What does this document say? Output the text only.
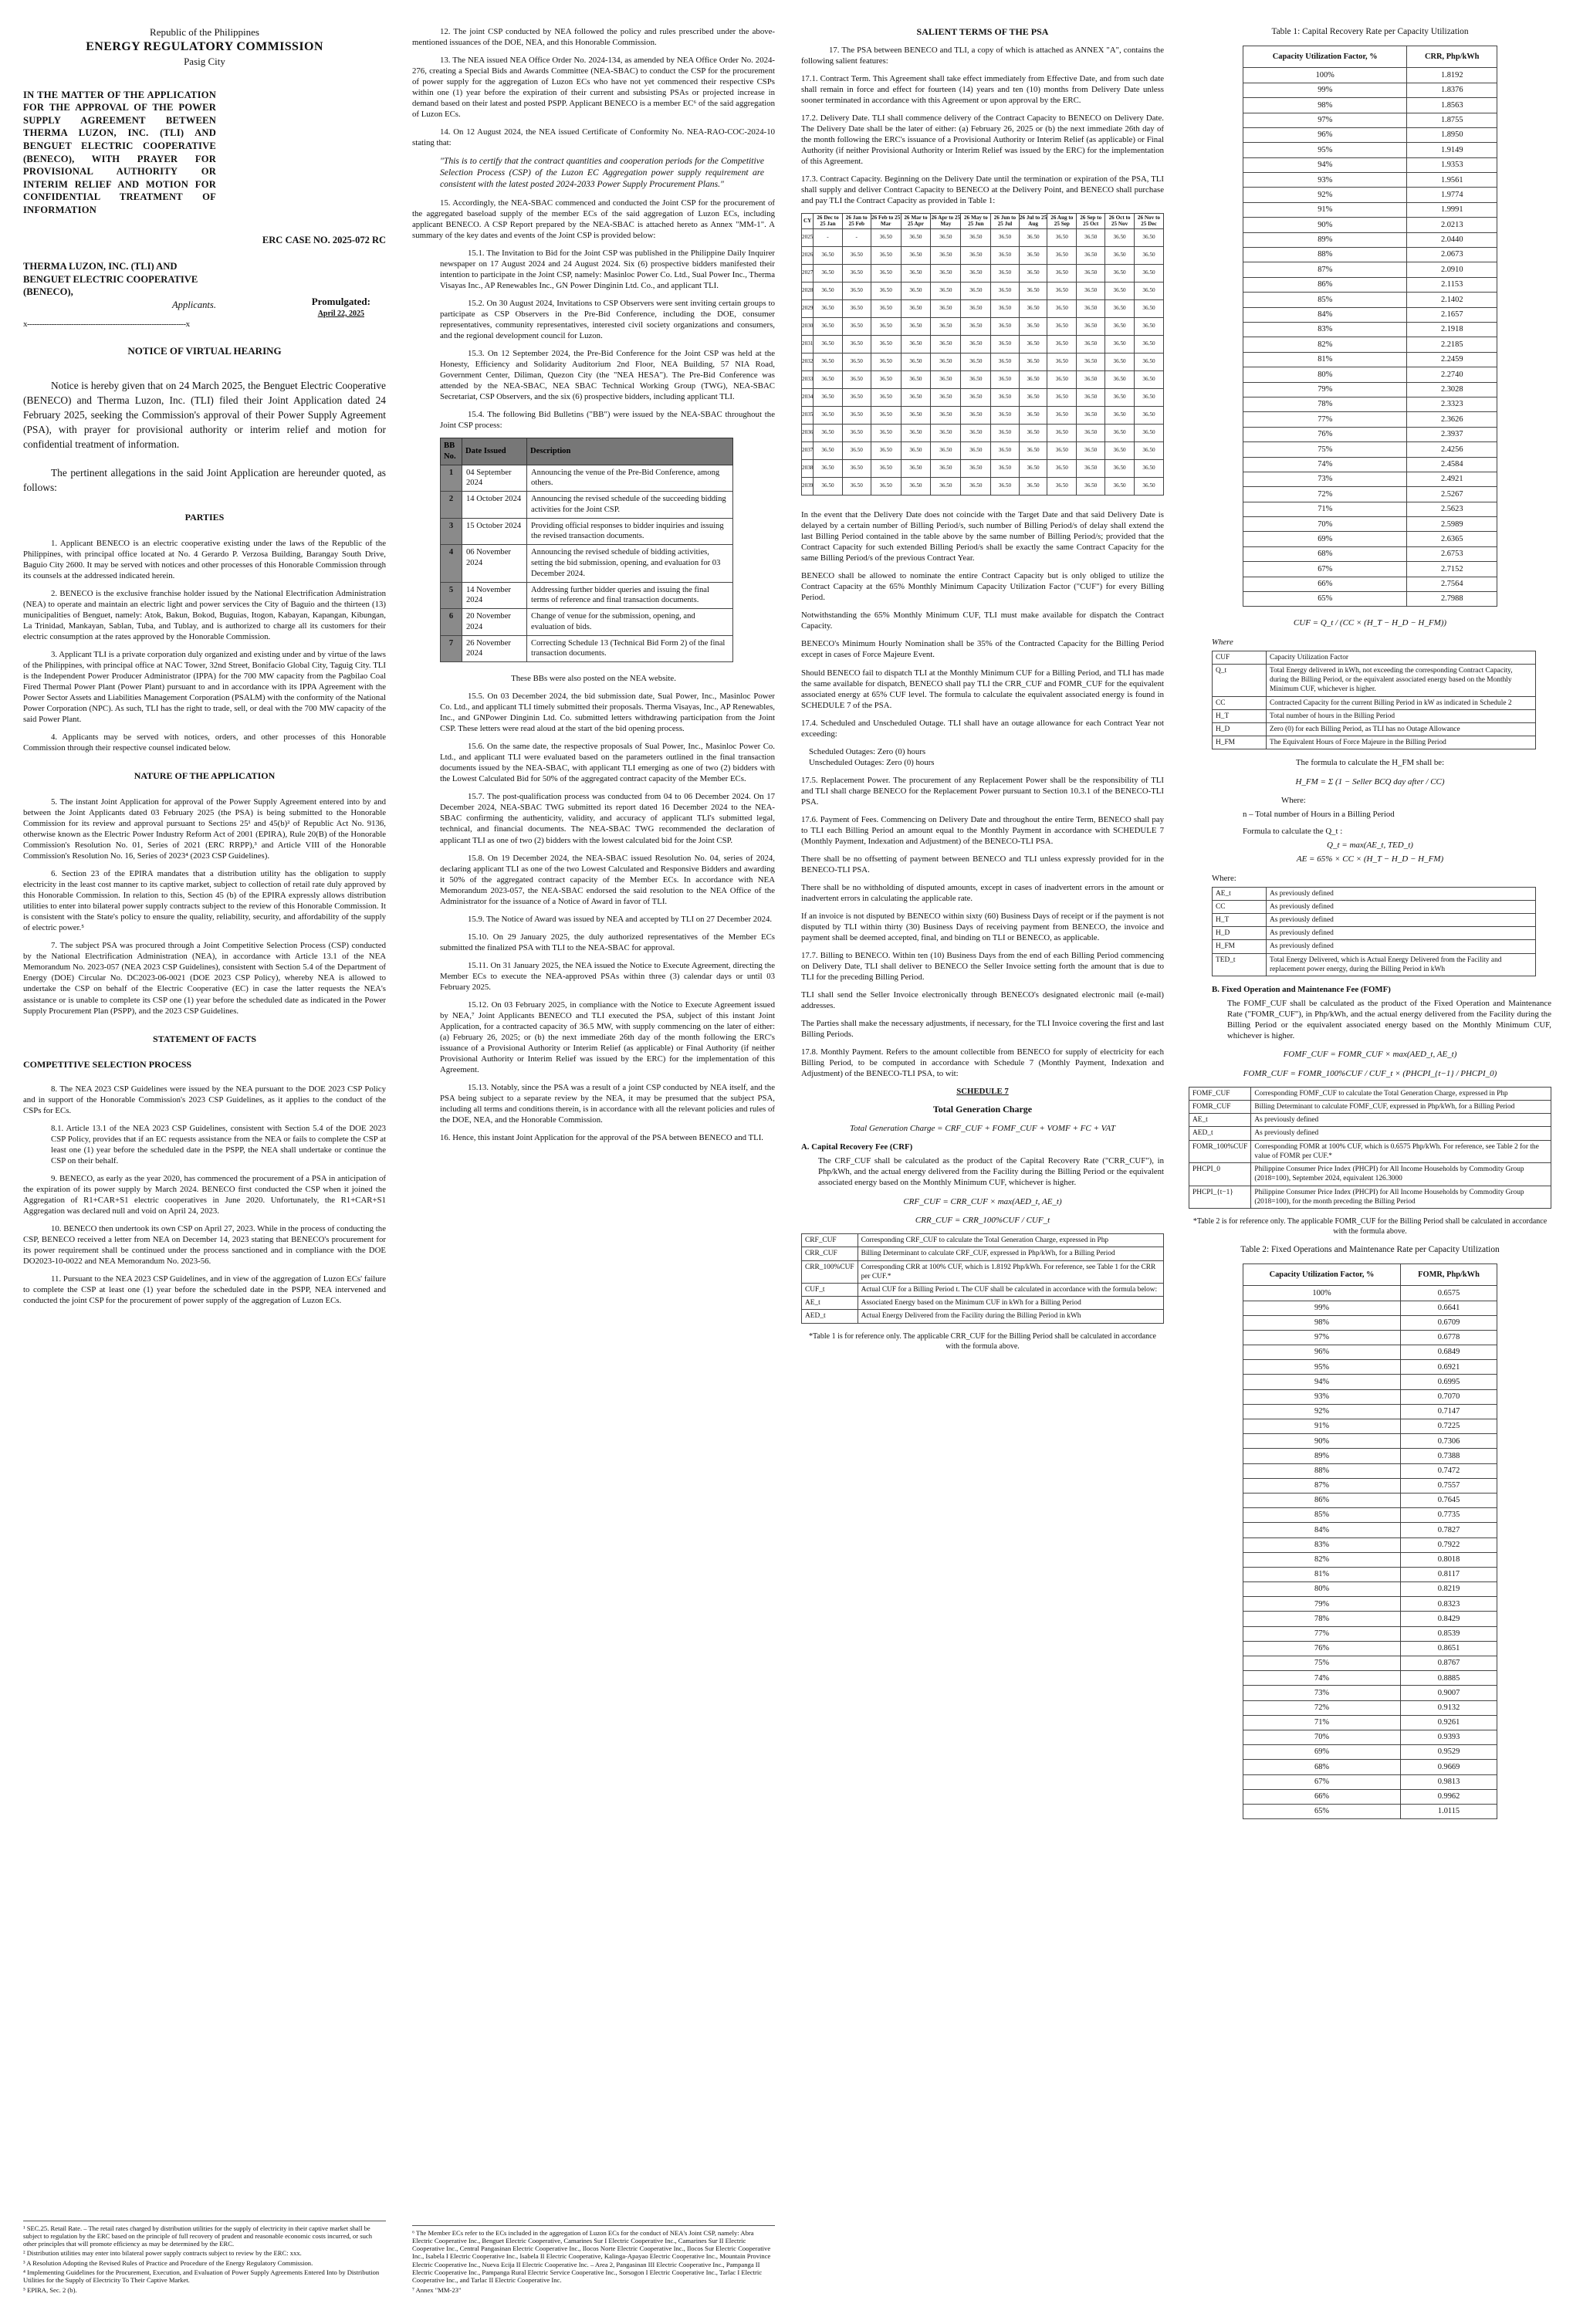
Republic of the Philippines
ENERGY REGULATORY COMMISSION
Pasig City
IN THE MATTER OF THE APPLICATION FOR THE APPROVAL OF THE POWER SUPPLY AGREEMENT BETWEEN THERMA LUZON, INC. (TLI) AND BENGUET ELECTRIC COOPERATIVE (BENECO), WITH PRAYER FOR PROVISIONAL AUTHORITY OR INTERIM RELIEF AND MOTION FOR CONFIDENTIAL TREATMENT OF INFORMATION
ERC CASE NO. 2025-072 RC
THERMA LUZON, INC. (TLI) AND BENGUET ELECTRIC COOPERATIVE (BENECO),
Applicants.	Promulgated:
April 22, 2025
x-----------------------------------------------------------------x
NOTICE OF VIRTUAL HEARING

Notice is hereby given that on 24 March 2025, the Benguet Electric Cooperative (BENECO) and Therma Luzon, Inc. (TLI) filed their Joint Application dated 24 February 2025, seeking the Commission's approval of their Power Supply Agreement (PSA), with prayer for provisional authority or interim relief and motion for confidential treatment of information.

The pertinent allegations in the said Joint Application are hereunder quoted, as follows:

PARTIES

1. Applicant BENECO is an electric cooperative existing under the laws of the Republic of the Philippines, with principal office located at No. 4 Gerardo P. Verzosa Building, Barangay South Drive, Baguio City 2600. It may be served with notices and other processes of this Honorable Commission through its counsels at the addressed indicated herein.

2. BENECO is the exclusive franchise holder issued by the National Electrification Administration (NEA) to operate and maintain an electric light and power services the City of Baguio and the thirteen (13) municipalities of Benguet, namely: Atok, Bakun, Bokod, Buguias, Itogon, Kabayan, Kapangan, Kibungan, La Trinidad, Mankayan, Sablan, Tuba, and Tublay, and is authorized to charge all its customers for their electric consumption at the rates approved by the Honorable Commission.

3. Applicant TLI is a private corporation duly organized and existing under and by virtue of the laws of the Philippines, with principal office at NAC Tower, 32nd Street, Bonifacio Global City, Taguig City. TLI is the Independent Power Producer Administrator (IPPA) for the 700 MW capacity from the Pagbilao Coal Fired Thermal Power Plant (Power Plant) pursuant to and in accordance with its IPPA Agreement with the Power Sector Assets and Liabilities Management Corporation (PSALM) with the conformity of the National Power Corporation (NPC). As such, TLI has the right to trade, sell, or deal with the 700 MW capacity of the said Power Plant.

4. Applicants may be served with notices, orders, and other processes of this Honorable Commission through their respective counsel indicated below.

NATURE OF THE APPLICATION

5. The instant Joint Application for approval of the Power Supply Agreement entered into by and between the Joint Applicants dated 03 February 2025 (the PSA) is being submitted to the Honorable Commission for its review and approval pursuant to Sections 25¹ and 45(b)² of Republic Act No. 9136, otherwise known as the Electric Power Industry Reform Act of 2001 (EPIRA), Rule 20(B) of the Honorable Commission's Resolution No. 01, Series of 2021 (ERC RRPP),³ and Article VIII of the Honorable Commission's Resolution No. 16, Series of 2023⁴ (2023 CSP Guidelines).

6. Section 23 of the EPIRA mandates that a distribution utility has the obligation to supply electricity in the least cost manner to its captive market, subject to collection of retail rate duly approved by this Honorable Commission. In relation to this, Section 45 (b) of the EPIRA expressly allows distribution utilities to enter into bilateral power supply contracts subject to the review of this Honorable Commission. It is consistent with the State's policy to ensure the quality, reliability, security, and affordability of the supply of electric power.⁵

7. The subject PSA was procured through a Joint Competitive Selection Process (CSP) conducted by the National Electrification Administration (NEA), in accordance with Article 13.1 of the NEA Memorandum No. 2023-057 (NEA 2023 CSP Guidelines), consistent with Section 5.4 of the Department of Energy (DOE) Circular No. DC2023-06-0021 (DOE 2023 CSP Policy), whereby NEA is allowed to undertake the CSP on behalf of the Electric Cooperative (EC) in case the latter requests the NEA's assistance or is unable to complete its CSP one (1) year before the scheduled date as indicated in the Power Supply Procurement Plan (PSPP), and the 2023 CSP Guidelines.

STATEMENT OF FACTS
COMPETITIVE SELECTION PROCESS

8. The NEA 2023 CSP Guidelines were issued by the NEA pursuant to the DOE 2023 CSP Policy and in support of the Honorable Commission's 2023 CSP Guidelines, as it applies to the conduct of the CSPs for ECs.

8.1. Article 13.1 of the NEA 2023 CSP Guidelines, consistent with Section 5.4 of the DOE 2023 CSP Policy, provides that if an EC requests assistance from the NEA or fails to complete the CSP at least one (1) year before the scheduled date in the PSPP, the NEA shall undertake or continue the CSP on their behalf.

9. BENECO, as early as the year 2020, has commenced the procurement of a PSA in anticipation of the expiration of its power supply by March 2024. BENECO first conducted the CSP when it joined the Aggregation of R1+CAR+S1 electric cooperatives in June 2020. Unfortunately, the R1+CAR+S1 Aggregation was declared null and void on April 24, 2023.

10. BENECO then undertook its own CSP on April 27, 2023. While in the process of conducting the CSP, BENECO received a letter from NEA on December 14, 2023 stating that BENECO's procurement for its power requirement shall be continued under the process sanctioned and in compliance with the DOE DO2023-10-0022 and NEA Memorandum No. 2023-56.

11. Pursuant to the NEA 2023 CSP Guidelines, and in view of the aggregation of Luzon ECs' failure to complete the CSP at least one (1) year before the scheduled date in the PSPP, NEA intervened and conducted the joint CSP for the procurement of power supply of the aggregation of Luzon ECs.

¹ SEC.25. Retail Rate. – The retail rates charged by distribution utilities for the supply of electricity in their captive market shall be subject to regulation by the ERC based on the principle of full recovery of prudent and reasonable economic costs incurred, or such other principles that will promote efficiency as may be determined by the ERC.
² Distribution utilities may enter into bilateral power supply contracts subject to review by the ERC: xxx.
³ A Resolution Adopting the Revised Rules of Practice and Procedure of the Energy Regulatory Commission.
⁴ Implementing Guidelines for the Procurement, Execution, and Evaluation of Power Supply Agreements Entered Into by Distribution Utilities for the Supply of Electricity To Their Captive Market.
⁵ EPIRA, Sec. 2 (b).

12. The joint CSP conducted by NEA followed the policy and rules prescribed under the above-mentioned issuances of the DOE, NEA, and this Honorable Commission.

13. The NEA issued NEA Office Order No. 2024-134, as amended by NEA Office Order No. 2024-276, creating a Special Bids and Awards Committee (NEA-SBAC) to conduct the CSP for the procurement of power supply for the aggregation of Luzon ECs who have not yet commenced their respective CSPs within one (1) year before the expiration of their current and subsisting PSAs or projected increase in demand based on their latest and posted PSPP. Applicant BENECO is a member EC⁶ of the said aggregation of Luzon ECs.

14. On 12 August 2024, the NEA issued Certificate of Conformity No. NEA-RAO-COC-2024-10 stating that:

"This is to certify that the contract quantities and cooperation periods for the Competitive Selection Process (CSP) of the Luzon EC Aggregation power supply requirement are consistent with the latest posted 2024-2033 Power Supply Procurement Plans."

15. Accordingly, the NEA-SBAC commenced and conducted the Joint CSP for the procurement of the aggregated baseload supply of the member ECs of the said aggregation of Luzon ECs, including applicant BENECO. A CSP Report prepared by the NEA-SBAC is attached hereto as Annex "MM-1". A summary of the key dates and events of the Joint CSP is provided below:

15.1. The Invitation to Bid for the Joint CSP was published in the Philippine Daily Inquirer newspaper on 17 August 2024 and 24 August 2024. Six (6) prospective bidders manifested their intention to participate in the Joint CSP, namely: Masinloc Power Co. Ltd., Sual Power Inc., Therma Visayas Inc., AP Renewables Inc., GN Power Dinginin Ltd. Co., and applicant TLI.

15.2. On 30 August 2024, Invitations to CSP Observers were sent inviting certain groups to participate as CSP Observers in the Pre-Bid Conference, including the DOE, consumer representatives, community representatives, interested civil society organizations and consumers, and the regional development council for Luzon.

15.3. On 12 September 2024, the Pre-Bid Conference for the Joint CSP was held at the Honesty, Efficiency and Solidarity Auditorium 2nd Floor, NEA Building, 57 NIA Road, Government Center, Diliman, Quezon City (the "NEA HESA"). The Pre-Bid Conference was attended by the NEA-SBAC, NEA SBAC Technical Working Group (TWG), NEA-SBAC Secretariat, CSP Observers, and the six (6) prospective bidders, including applicant TLI.

15.4. The following Bid Bulletins ("BB") were issued by the NEA-SBAC throughout the Joint CSP process:

BB No.	Date Issued	Description
1	04 September 2024	Announcing the venue of the Pre-Bid Conference, among others.
2	14 October 2024	Announcing the revised schedule of the succeeding bidding activities for the Joint CSP.
3	15 October 2024	Providing official responses to bidder inquiries and issuing the revised transaction documents.
4	06 November 2024	Announcing the revised schedule of bidding activities, setting the bid submission, opening, and evaluation for 03 December 2024.
5	14 November 2024	Addressing further bidder queries and issuing the final terms of reference and final transaction documents.
6	20 November 2024	Change of venue for the submission, opening, and evaluation of bids.
7	26 November 2024	Correcting Schedule 13 (Technical Bid Form 2) of the final transaction documents.

These BBs were also posted on the NEA website.

15.5. On 03 December 2024, the bid submission date, Sual Power, Inc., Masinloc Power Co. Ltd., and applicant TLI timely submitted their proposals. Therma Visayas, Inc., AP Renewables, Inc., and GNPower Dinginin Ltd. Co. submitted letters withdrawing participation from the Joint CSP. These letters were read aloud at the start of the bid opening process.

15.6. On the same date, the respective proposals of Sual Power, Inc., Masinloc Power Co. Ltd., and applicant TLI were evaluated based on the parameters outlined in the final transaction documents issued by the NEA-SBAC, with applicant TLI emerging as one of two (2) bidders with the Lowest Calculated Bid for 50% of the aggregated contract capacity of the Member ECs.

15.7. The post-qualification process was conducted from 04 to 06 December 2024. On 17 December 2024, NEA-SBAC TWG submitted its report dated 16 December 2024 to the NEA-SBAC confirming the authenticity, validity, and accuracy of applicant TLI's submitted legal, technical, and financial documents. The NEA-SBAC TWG recommended the declaration of applicant TLI as one of two (2) bidders with the lowest calculated bid for the Joint CSP.

15.8. On 19 December 2024, the NEA-SBAC issued Resolution No. 04, series of 2024, declaring applicant TLI as one of the two Lowest Calculated and Responsive Bidders and awarding it 50% of the aggregated contract capacity of the Member ECs. In accordance with NEA Memorandum 2023-057, the NEA-SBAC endorsed the said resolution to the NEA Office of the Administrator for the issuance of a Notice of Award in favor of TLI.

15.9. The Notice of Award was issued by NEA and accepted by TLI on 27 December 2024.

15.10. On 29 January 2025, the duly authorized representatives of the Member ECs submitted the finalized PSA with TLI to the NEA-SBAC for approval.

15.11. On 31 January 2025, the NEA issued the Notice to Execute Agreement, directing the Member ECs to execute the NEA-approved PSAs within three (3) calendar days or until 03 February 2025.

15.12. On 03 February 2025, in compliance with the Notice to Execute Agreement issued by NEA,⁷ Joint Applicants BENECO and TLI executed the PSA, subject of this instant Joint Application, for a contracted capacity of 36.5 MW, with supply commencing on the later of either: (a) February 26, 2025; or (b) the next immediate 26th day of the month following the ERC's issuance of a Provisional Authority or Interim Relief (as applicable) or Final Authority (if neither Provisional Authority or Interim Relief was issued by the ERC) for the implementation of this Agreement.

15.13. Notably, since the PSA was a result of a joint CSP conducted by NEA itself, and the PSA being subject to a separate review by the NEA, it may be presumed that the subject PSA, including all terms and conditions therein, is in accordance with all the relevant policies and rules of the DOE, NEA, and the Honorable Commission.

16. Hence, this instant Joint Application for the approval of the PSA between BENECO and TLI.

⁶ The Member ECs refer to the ECs included in the aggregation of Luzon ECs for the conduct of NEA's Joint CSP, namely: Abra Electric Cooperative Inc., Benguet Electric Cooperative, Camarines Sur I Electric Cooperative Inc., Camarines Sur II Electric Cooperative Inc., Central Pangasinan Electric Cooperative Inc., Ilocos Norte Electric Cooperative Inc., Ilocos Sur Electric Cooperative Inc., Isabela I Electric Cooperative Inc., Isabela II Electric Cooperative, Kalinga-Apayao Electric Cooperative Inc., Mountain Province Electric Cooperative Inc., Nueva Ecija II Electric Cooperative Inc. – Area 2, Pangasinan III Electric Cooperative Inc., Pampanga II Electric Cooperative Inc., Pampanga Rural Electric Service Cooperative Inc., Sorsogon I Electric Cooperative Inc., Tarlac I Electric Cooperative Inc., and Tarlac II Electric Cooperative Inc.
⁷ Annex "MM-23"
SALIENT TERMS OF THE PSA

17. The PSA between BENECO and TLI, a copy of which is attached as ANNEX "A", contains the following salient features:

17.1. Contract Term. This Agreement shall take effect immediately from Effective Date, and from such date shall remain in force and effect for fourteen (14) years and ten (10) months from Delivery Date unless sooner terminated in accordance with this Agreement or upon approval by the ERC.

17.2. Delivery Date. TLI shall commence delivery of the Contract Capacity to BENECO on Delivery Date. The Delivery Date shall be the later of either: (a) February 26, 2025 or (b) the next immediate 26th day of the month following the ERC's issuance of a Provisional Authority or Interim Relief (as applicable) or Final Authority (if neither Provisional Authority or Interim Relief was issued by the ERC) for the implementation of this Agreement.

17.3. Contract Capacity. Beginning on the Delivery Date until the termination or expiration of the PSA, TLI shall supply and deliver Contract Capacity to BENECO at the Delivery Point, and BENECO shall purchase and pay TLI the Contract Capacity as provided in Table 1:

CY	26 Dec to 25 Jan	26 Jan to 25 Feb	26 Feb to 25 Mar	26 Mar to 25 Apr	26 Apr to 25 May	26 May to 25 Jun	26 Jun to 25 Jul	26 Jul to 25 Aug	26 Aug to 25 Sep	26 Sep to 25 Oct	26 Oct to 25 Nov	26 Nov to 25 Dec
2025	-	-	36.50	36.50	36.50	36.50	36.50	36.50	36.50	36.50	36.50	36.50
2026	36.50	36.50	36.50	36.50	36.50	36.50	36.50	36.50	36.50	36.50	36.50	36.50
2027	36.50	36.50	36.50	36.50	36.50	36.50	36.50	36.50	36.50	36.50	36.50	36.50
2028	36.50	36.50	36.50	36.50	36.50	36.50	36.50	36.50	36.50	36.50	36.50	36.50
2029	36.50	36.50	36.50	36.50	36.50	36.50	36.50	36.50	36.50	36.50	36.50	36.50
2030	36.50	36.50	36.50	36.50	36.50	36.50	36.50	36.50	36.50	36.50	36.50	36.50
2031	36.50	36.50	36.50	36.50	36.50	36.50	36.50	36.50	36.50	36.50	36.50	36.50
2032	36.50	36.50	36.50	36.50	36.50	36.50	36.50	36.50	36.50	36.50	36.50	36.50
2033	36.50	36.50	36.50	36.50	36.50	36.50	36.50	36.50	36.50	36.50	36.50	36.50
2034	36.50	36.50	36.50	36.50	36.50	36.50	36.50	36.50	36.50	36.50	36.50	36.50
2035	36.50	36.50	36.50	36.50	36.50	36.50	36.50	36.50	36.50	36.50	36.50	36.50
2036	36.50	36.50	36.50	36.50	36.50	36.50	36.50	36.50	36.50	36.50	36.50	36.50
2037	36.50	36.50	36.50	36.50	36.50	36.50	36.50	36.50	36.50	36.50	36.50	36.50
2038	36.50	36.50	36.50	36.50	36.50	36.50	36.50	36.50	36.50	36.50	36.50	36.50
2039	36.50	36.50	36.50	36.50	36.50	36.50	36.50	36.50	36.50	36.50	36.50	36.50

In the event that the Delivery Date does not coincide with the Target Date and that said Delivery Date is delayed by a certain number of Billing Period/s, such number of Billing Period/s of delay shall extend the last Billing Period contained in the table above by the same number of Billing Period/s; provided that the Contract Capacity for such extended Billing Period/s shall be exactly the same Contract Capacity for the same Billing Period/s of the previous Contract Year.

BENECO shall be allowed to nominate the entire Contract Capacity but is only obliged to utilize the Contract Capacity at the 65% Monthly Minimum Capacity Utilization Factor ("CUF") for every Billing Period.

Notwithstanding the 65% Monthly Minimum CUF, TLI must make available for dispatch the Contract Capacity.

BENECO's Minimum Hourly Nomination shall be 35% of the Contracted Capacity for the Billing Period except in cases of Force Majeure Event.

Should BENECO fail to dispatch TLI at the Monthly Minimum CUF for a Billing Period, and TLI has made the same available for dispatch, BENECO shall pay TLI the CRR_CUF and FOMR_CUF for the equivalent associated energy at 65% CUF level. The formula to calculate the equivalent associated energy is found in SCHEDULE 7 of the PSA.

17.4. Scheduled and Unscheduled Outage. TLI shall have an outage allowance for each Contract Year not exceeding:

Scheduled Outages: Zero (0) hours
Unscheduled Outages: Zero (0) hours

17.5. Replacement Power. The procurement of any Replacement Power shall be the responsibility of TLI and TLI shall charge BENECO for the Replacement Power pursuant to Section 10.3.1 of the BENECO-TLI PSA.

17.6. Payment of Fees. Commencing on Delivery Date and throughout the entire Term, BENECO shall pay to TLI each Billing Period an amount equal to the Monthly Payment in accordance with SCHEDULE 7 (Monthly Payment, Indexation and Adjustment) of the BENECO-TLI PSA.

There shall be no offsetting of payment between BENECO and TLI unless expressly provided for in the BENECO-TLI PSA.

There shall be no withholding of disputed amounts, except in cases of inadvertent errors in the amount or inadvertent errors in calculating the applicable rate.

If an invoice is not disputed by BENECO within sixty (60) Business Days of receipt or if the payment is not disputed by TLI within thirty (30) Business Days of receiving payment from BENECO, the invoice and payment shall be deemed accepted, final, and binding on TLI or BENECO, as applicable.

17.7. Billing to BENECO. Within ten (10) Business Days from the end of each Billing Period commencing on Delivery Date, TLI shall deliver to BENECO the Seller Invoice setting forth the amount that is due to TLI for the preceding Billing Period.

TLI shall send the Seller Invoice electronically through BENECO's designated electronic mail (e-mail) addresses.

The Parties shall make the necessary adjustments, if necessary, for the TLI Invoice covering the first and last Billing Periods.

17.8. Monthly Payment. Refers to the amount collectible from BENECO for supply of electricity for each Billing Period, to be computed in accordance with Schedule 7 (Monthly Payment, Indexation and Adjustment) of the BENECO-TLI PSA, to wit:

SCHEDULE 7
Total Generation Charge
Total Generation Charge = CRF_CUF + FOMF_CUF + VOMF + FC + VAT
A. Capital Recovery Fee (CRF)

The CRF_CUF shall be calculated as the product of the Capital Recovery Rate ("CRR_CUF"), in Php/kWh, and the actual energy delivered from the Facility during the Billing Period or the equivalent associated energy based on the Monthly Minimum CUF, whichever is higher.

CRF_CUF = CRR_CUF × max(AED_t, AE_t)
CRR_CUF = CRR_100%CUF / CUF_t
CRF_CUF	Corresponding CRF_CUF to calculate the Total Generation Charge, expressed in Php
CRR_CUF	Billing Determinant to calculate CRF_CUF, expressed in Php/kWh, for a Billing Period
CRR_100%CUF	Corresponding CRR at 100% CUF, which is 1.8192 Php/kWh. For reference, see Table 1 for the CRR per CUF.*
CUF_t	Actual CUF for a Billing Period t. The CUF shall be calculated in accordance with the formula below:
AE_t	Associated Energy based on the Minimum CUF in kWh for a Billing Period
AED_t	Actual Energy Delivered from the Facility during the Billing Period in kWh
*Table 1 is for reference only. The applicable CRR_CUF for the Billing Period shall be calculated in accordance with the formula above.
Table 1: Capital Recovery Rate per Capacity Utilization
Capacity Utilization Factor, %	CRR, Php/kWh
100%	1.8192
99%	1.8376
98%	1.8563
97%	1.8755
96%	1.8950
95%	1.9149
94%	1.9353
93%	1.9561
92%	1.9774
91%	1.9991
90%	2.0213
89%	2.0440
88%	2.0673
87%	2.0910
86%	2.1153
85%	2.1402
84%	2.1657
83%	2.1918
82%	2.2185
81%	2.2459
80%	2.2740
79%	2.3028
78%	2.3323
77%	2.3626
76%	2.3937
75%	2.4256
74%	2.4584
73%	2.4921
72%	2.5267
71%	2.5623
70%	2.5989
69%	2.6365
68%	2.6753
67%	2.7152
66%	2.7564
65%	2.7988
CUF = Q_t / (CC × (H_T − H_D − H_FM))
Where
CUF	Capacity Utilization Factor
Q_t	Total Energy delivered in kWh, not exceeding the corresponding Contract Capacity, during the Billing Period, or the equivalent associated energy based on the Monthly Minimum CUF, whichever is higher.
CC	Contracted Capacity for the current Billing Period in kW as indicated in Schedule 2
H_T	Total number of hours in the Billing Period
H_D	Zero (0) for each Billing Period, as TLI has no Outage Allowance
H_FM	The Equivalent Hours of Force Majeure in the Billing Period
The formula to calculate the H_FM shall be:
H_FM = Σ (1 − Seller BCQ day after / CC)
Where:
n – Total number of Hours in a Billing Period
Formula to calculate the Q_t :
Q_t = max(AE_t, TED_t)
AE = 65% × CC × (H_T − H_D − H_FM)
Where:
AE_t	As previously defined
CC	As previously defined
H_T	As previously defined
H_D	As previously defined
H_FM	As previously defined
TED_t	Total Energy Delivered, which is Actual Energy Delivered from the Facility and replacement power energy, during the Billing Period in kWh
B. Fixed Operation and Maintenance Fee (FOMF)

The FOMF_CUF shall be calculated as the product of the Fixed Operation and Maintenance Rate ("FOMR_CUF"), in Php/kWh, and the actual energy delivered from the Facility during the Billing Period or the equivalent associated energy based on the Monthly Minimum CUF, whichever is higher.

FOMF_CUF = FOMR_CUF × max(AED_t, AE_t)
FOMR_CUF = FOMR_100%CUF / CUF_t × (PHCPI_{t−1} / PHCPI_0)
FOMF_CUF	Corresponding FOMF_CUF to calculate the Total Generation Charge, expressed in Php
FOMR_CUF	Billing Determinant to calculate FOMF_CUF, expressed in Php/kWh, for a Billing Period
AE_t	As previously defined
AED_t	As previously defined
FOMR_100%CUF	Corresponding FOMR at 100% CUF, which is 0.6575 Php/kWh. For reference, see Table 2 for the value of FOMR per CUF.*
PHCPI_0	Philippine Consumer Price Index (PHCPI) for All Income Households by Commodity Group (2018=100), September 2024, equivalent 126.3000
PHCPI_{t−1}	Philippine Consumer Price Index (PHCPI) for All Income Households by Commodity Group (2018=100), for the month preceding the Billing Period
*Table 2 is for reference only. The applicable FOMR_CUF for the Billing Period shall be calculated in accordance with the formula above.
Table 2: Fixed Operations and Maintenance Rate per Capacity Utilization
Capacity Utilization Factor, %	FOMR, Php/kWh
100%	0.6575
99%	0.6641
98%	0.6709
97%	0.6778
96%	0.6849
95%	0.6921
94%	0.6995
93%	0.7070
92%	0.7147
91%	0.7225
90%	0.7306
89%	0.7388
88%	0.7472
87%	0.7557
86%	0.7645
85%	0.7735
84%	0.7827
83%	0.7922
82%	0.8018
81%	0.8117
80%	0.8219
79%	0.8323
78%	0.8429
77%	0.8539
76%	0.8651
75%	0.8767
74%	0.8885
73%	0.9007
72%	0.9132
71%	0.9261
70%	0.9393
69%	0.9529
68%	0.9669
67%	0.9813
66%	0.9962
65%	1.0115
